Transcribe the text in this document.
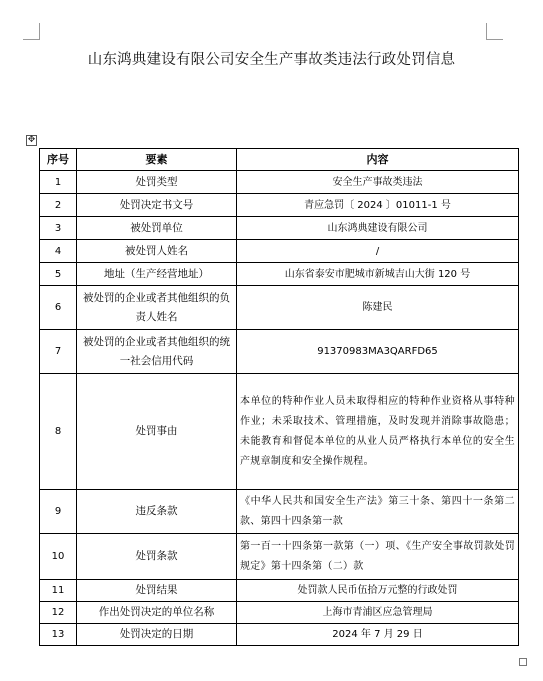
山东鸿典建设有限公司安全生产事故类违法行政处罚信息
✥
序号	要素	内容
1	处罚类型	安全生产事故类违法
2	处罚决定书文号	青应急罚〔 2024 〕01011-1 号
3	被处罚单位	山东鸿典建设有限公司
4	被处罚人姓名	/
5	地址（生产经营地址）	山东省泰安市肥城市新城吉山大街 120 号
6	被处罚的企业或者其他组织的负责人姓名	陈建民
7	被处罚的企业或者其他组织的统一社会信用代码	91370983MA3QARFD65
8	处罚事由	本单位的特种作业人员未取得相应的特种作业资格从事特种作业；未采取技术、管理措施，及时发现并消除事故隐患；未能教育和督促本单位的从业人员严格执行本单位的安全生产规章制度和安全操作规程。
9	违反条款	《中华人民共和国安全生产法》第三十条、第四十一条第二款、第四十四条第一款
10	处罚条款	第一百一十四条第一款第（一）项、《生产安全事故罚款处罚规定》第十四条第（二）款
11	处罚结果	处罚款人民币伍拾万元整的行政处罚
12	作出处罚决定的单位名称	上海市青浦区应急管理局
13	处罚决定的日期	2024 年 7 月 29 日
